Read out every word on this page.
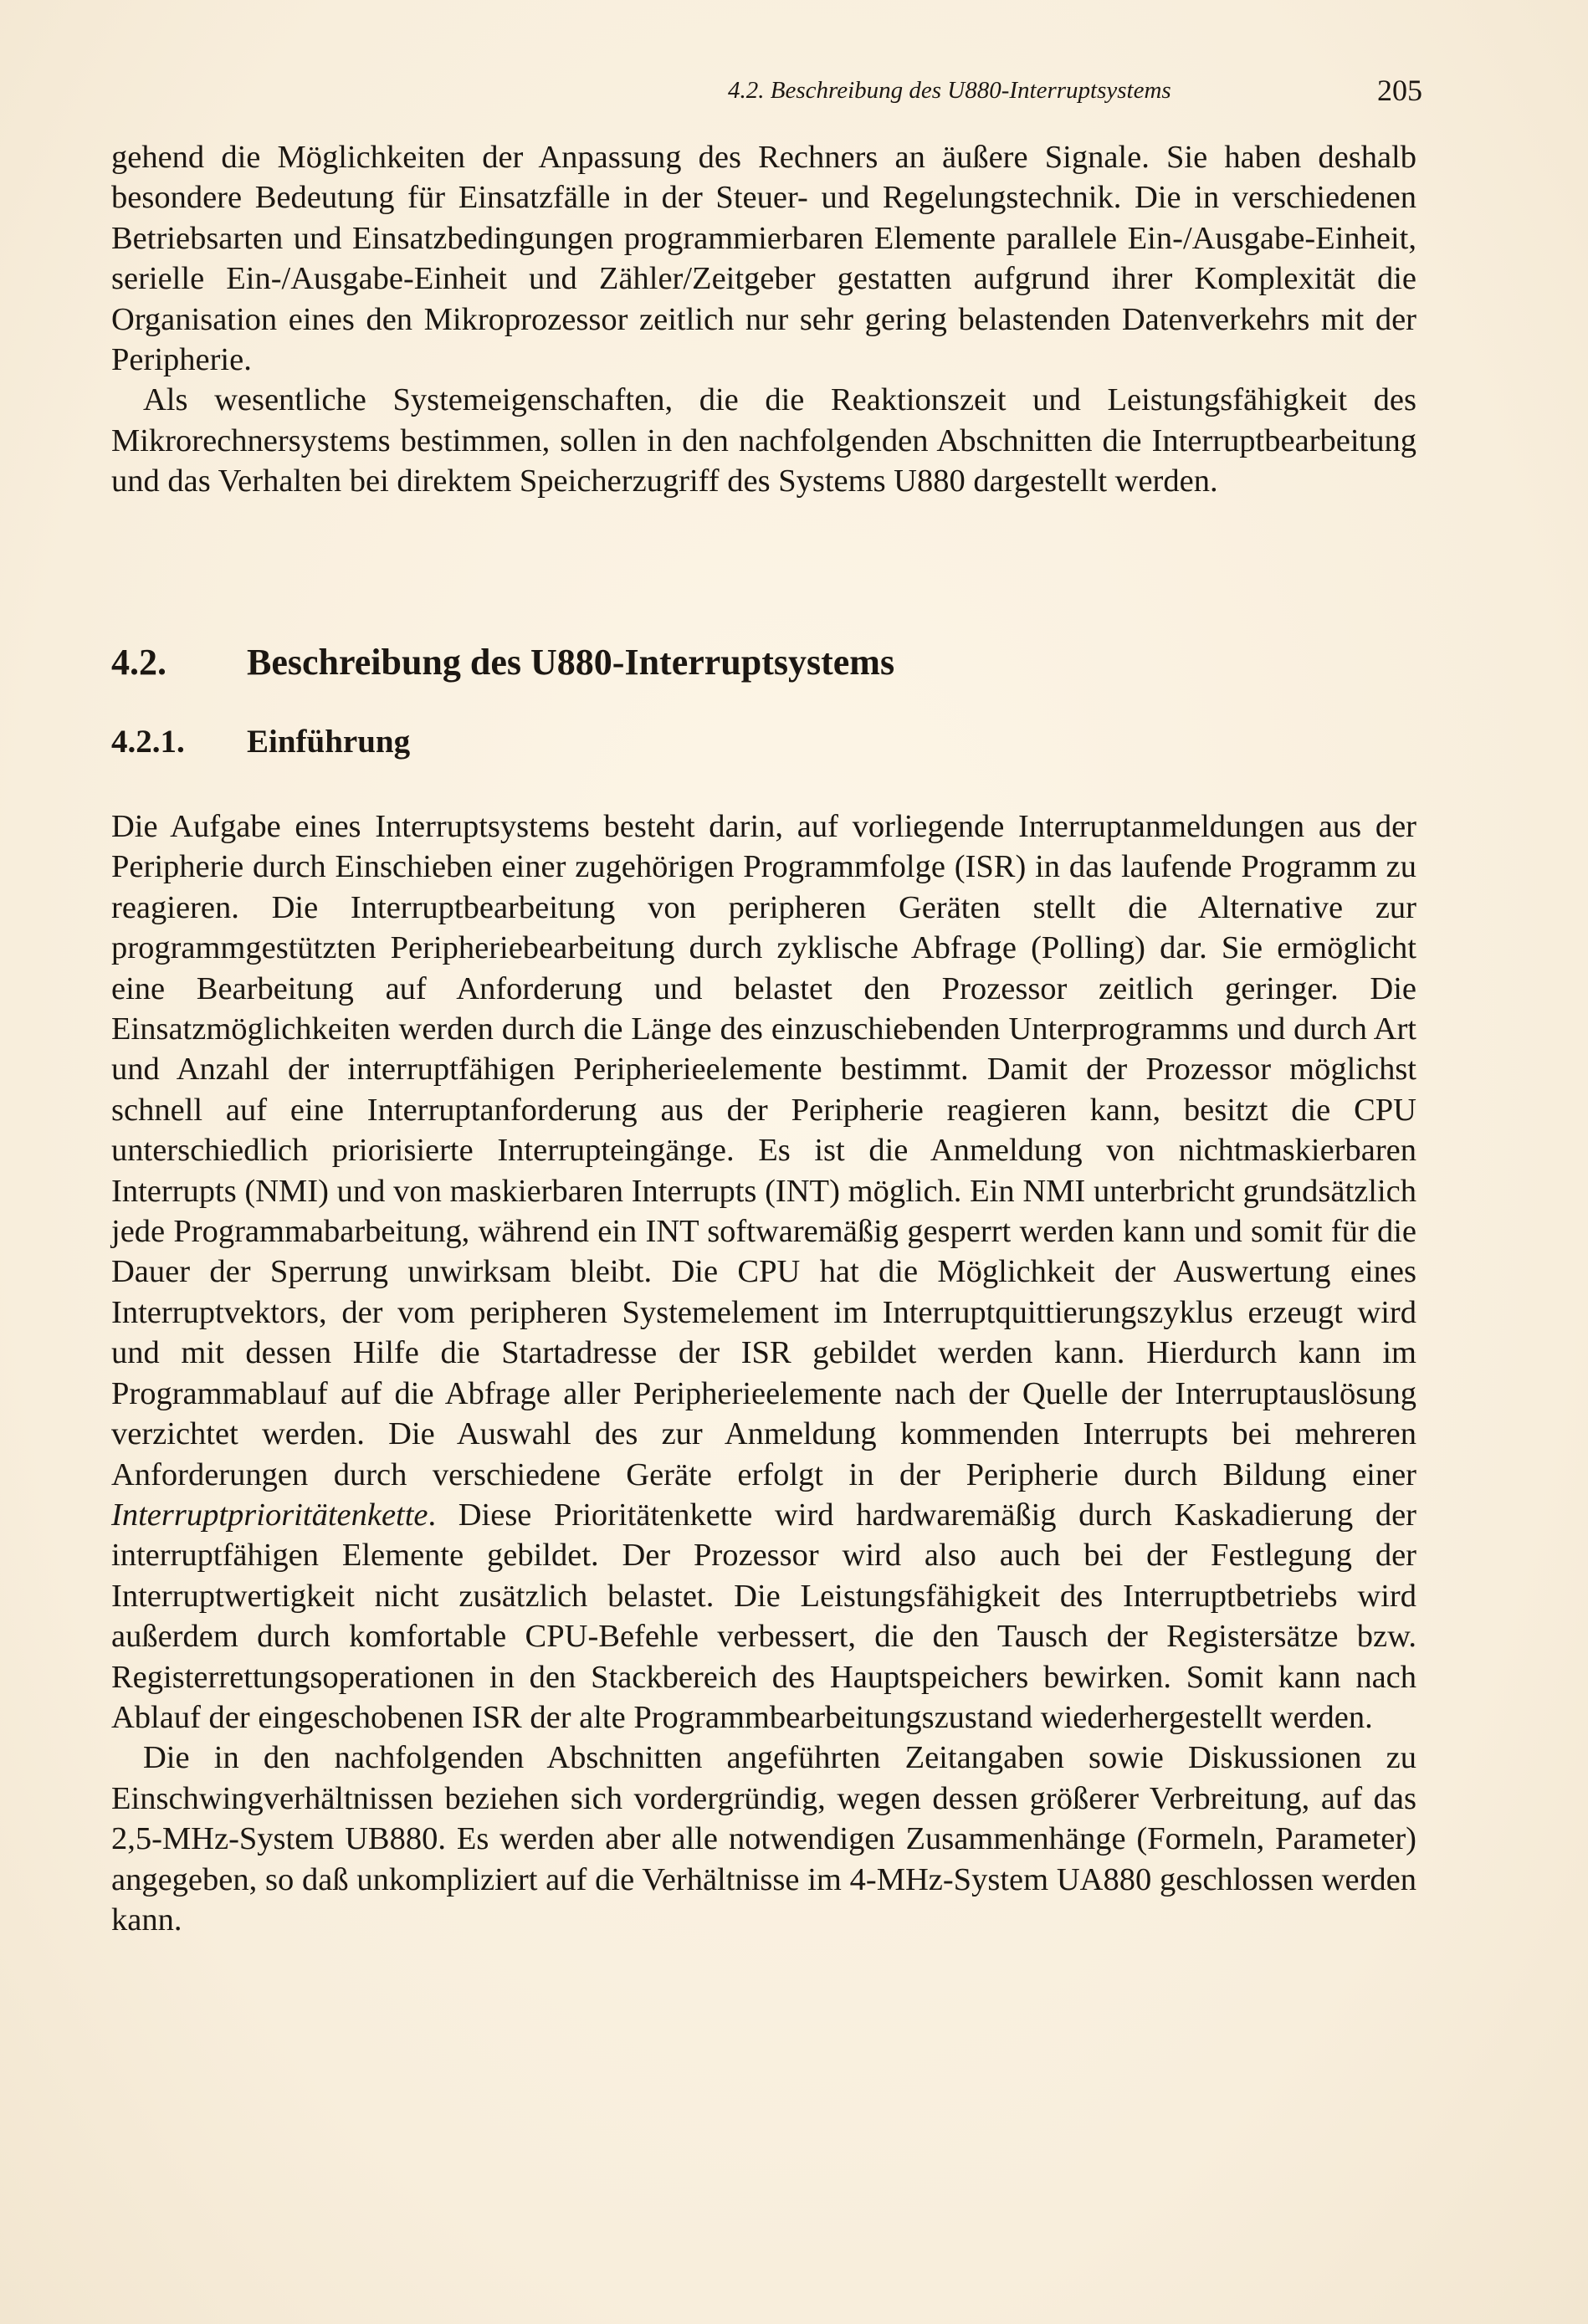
4.2. Beschreibung des U880-Interruptsystems	205

gehend die Möglichkeiten der Anpassung des Rechners an äußere Signale. Sie haben deshalb besondere Bedeutung für Einsatzfälle in der Steuer- und Regelungstechnik. Die in verschiedenen Betriebsarten und Einsatzbedingungen programmierbaren Elemente parallele Ein-/Ausgabe-Einheit, serielle Ein-/Ausgabe-Einheit und Zähler/Zeitgeber gestatten aufgrund ihrer Komplexität die Organisation eines den Mikroprozessor zeitlich nur sehr gering belastenden Datenverkehrs mit der Peripherie.

Als wesentliche Systemeigenschaften, die die Reaktionszeit und Leistungsfähigkeit des Mikrorechnersystems bestimmen, sollen in den nachfolgenden Abschnitten die Interruptbearbeitung und das Verhalten bei direktem Speicherzugriff des Systems U880 dargestellt werden.

4.2. Beschreibung des U880-Interruptsystems
4.2.1. Einführung

Die Aufgabe eines Interruptsystems besteht darin, auf vorliegende Interruptanmeldungen aus der Peripherie durch Einschieben einer zugehörigen Programmfolge (ISR) in das laufende Programm zu reagieren. Die Interruptbearbeitung von peripheren Geräten stellt die Alternative zur programmgestützten Peripheriebearbeitung durch zyklische Abfrage (Polling) dar. Sie ermöglicht eine Bearbeitung auf Anforderung und belastet den Prozessor zeitlich geringer. Die Einsatzmöglichkeiten werden durch die Länge des einzuschiebenden Unterprogramms und durch Art und Anzahl der interruptfähigen Peripherieelemente bestimmt. Damit der Prozessor möglichst schnell auf eine Interruptanforderung aus der Peripherie reagieren kann, besitzt die CPU unterschiedlich priorisierte Interrupteingänge. Es ist die Anmeldung von nichtmaskierbaren Interrupts (NMI) und von maskierbaren Interrupts (INT) möglich. Ein NMI unterbricht grundsätzlich jede Programmabarbeitung, während ein INT softwaremäßig gesperrt werden kann und somit für die Dauer der Sperrung unwirksam bleibt. Die CPU hat die Möglichkeit der Auswertung eines Interruptvektors, der vom peripheren Systemelement im Interruptquittierungszyklus erzeugt wird und mit dessen Hilfe die Startadresse der ISR gebildet werden kann. Hierdurch kann im Programmablauf auf die Abfrage aller Peripherieelemente nach der Quelle der Interruptauslösung verzichtet werden. Die Auswahl des zur Anmeldung kommenden Interrupts bei mehreren Anforderungen durch verschiedene Geräte erfolgt in der Peripherie durch Bildung einer Interruptprioritätenkette. Diese Prioritätenkette wird hardwaremäßig durch Kaskadierung der interruptfähigen Elemente gebildet. Der Prozessor wird also auch bei der Festlegung der Interruptwertigkeit nicht zusätzlich belastet. Die Leistungsfähigkeit des Interruptbetriebs wird außerdem durch komfortable CPU-Befehle verbessert, die den Tausch der Registersätze bzw. Registerrettungsoperationen in den Stackbereich des Hauptspeichers bewirken. Somit kann nach Ablauf der eingeschobenen ISR der alte Programmbearbeitungszustand wiederhergestellt werden.

Die in den nachfolgenden Abschnitten angeführten Zeitangaben sowie Diskussionen zu Einschwingverhältnissen beziehen sich vordergründig, wegen dessen größerer Verbreitung, auf das 2,5-MHz-System UB880. Es werden aber alle notwendigen Zusammenhänge (Formeln, Parameter) angegeben, so daß unkompliziert auf die Verhältnisse im 4-MHz-System UA880 geschlossen werden kann.
